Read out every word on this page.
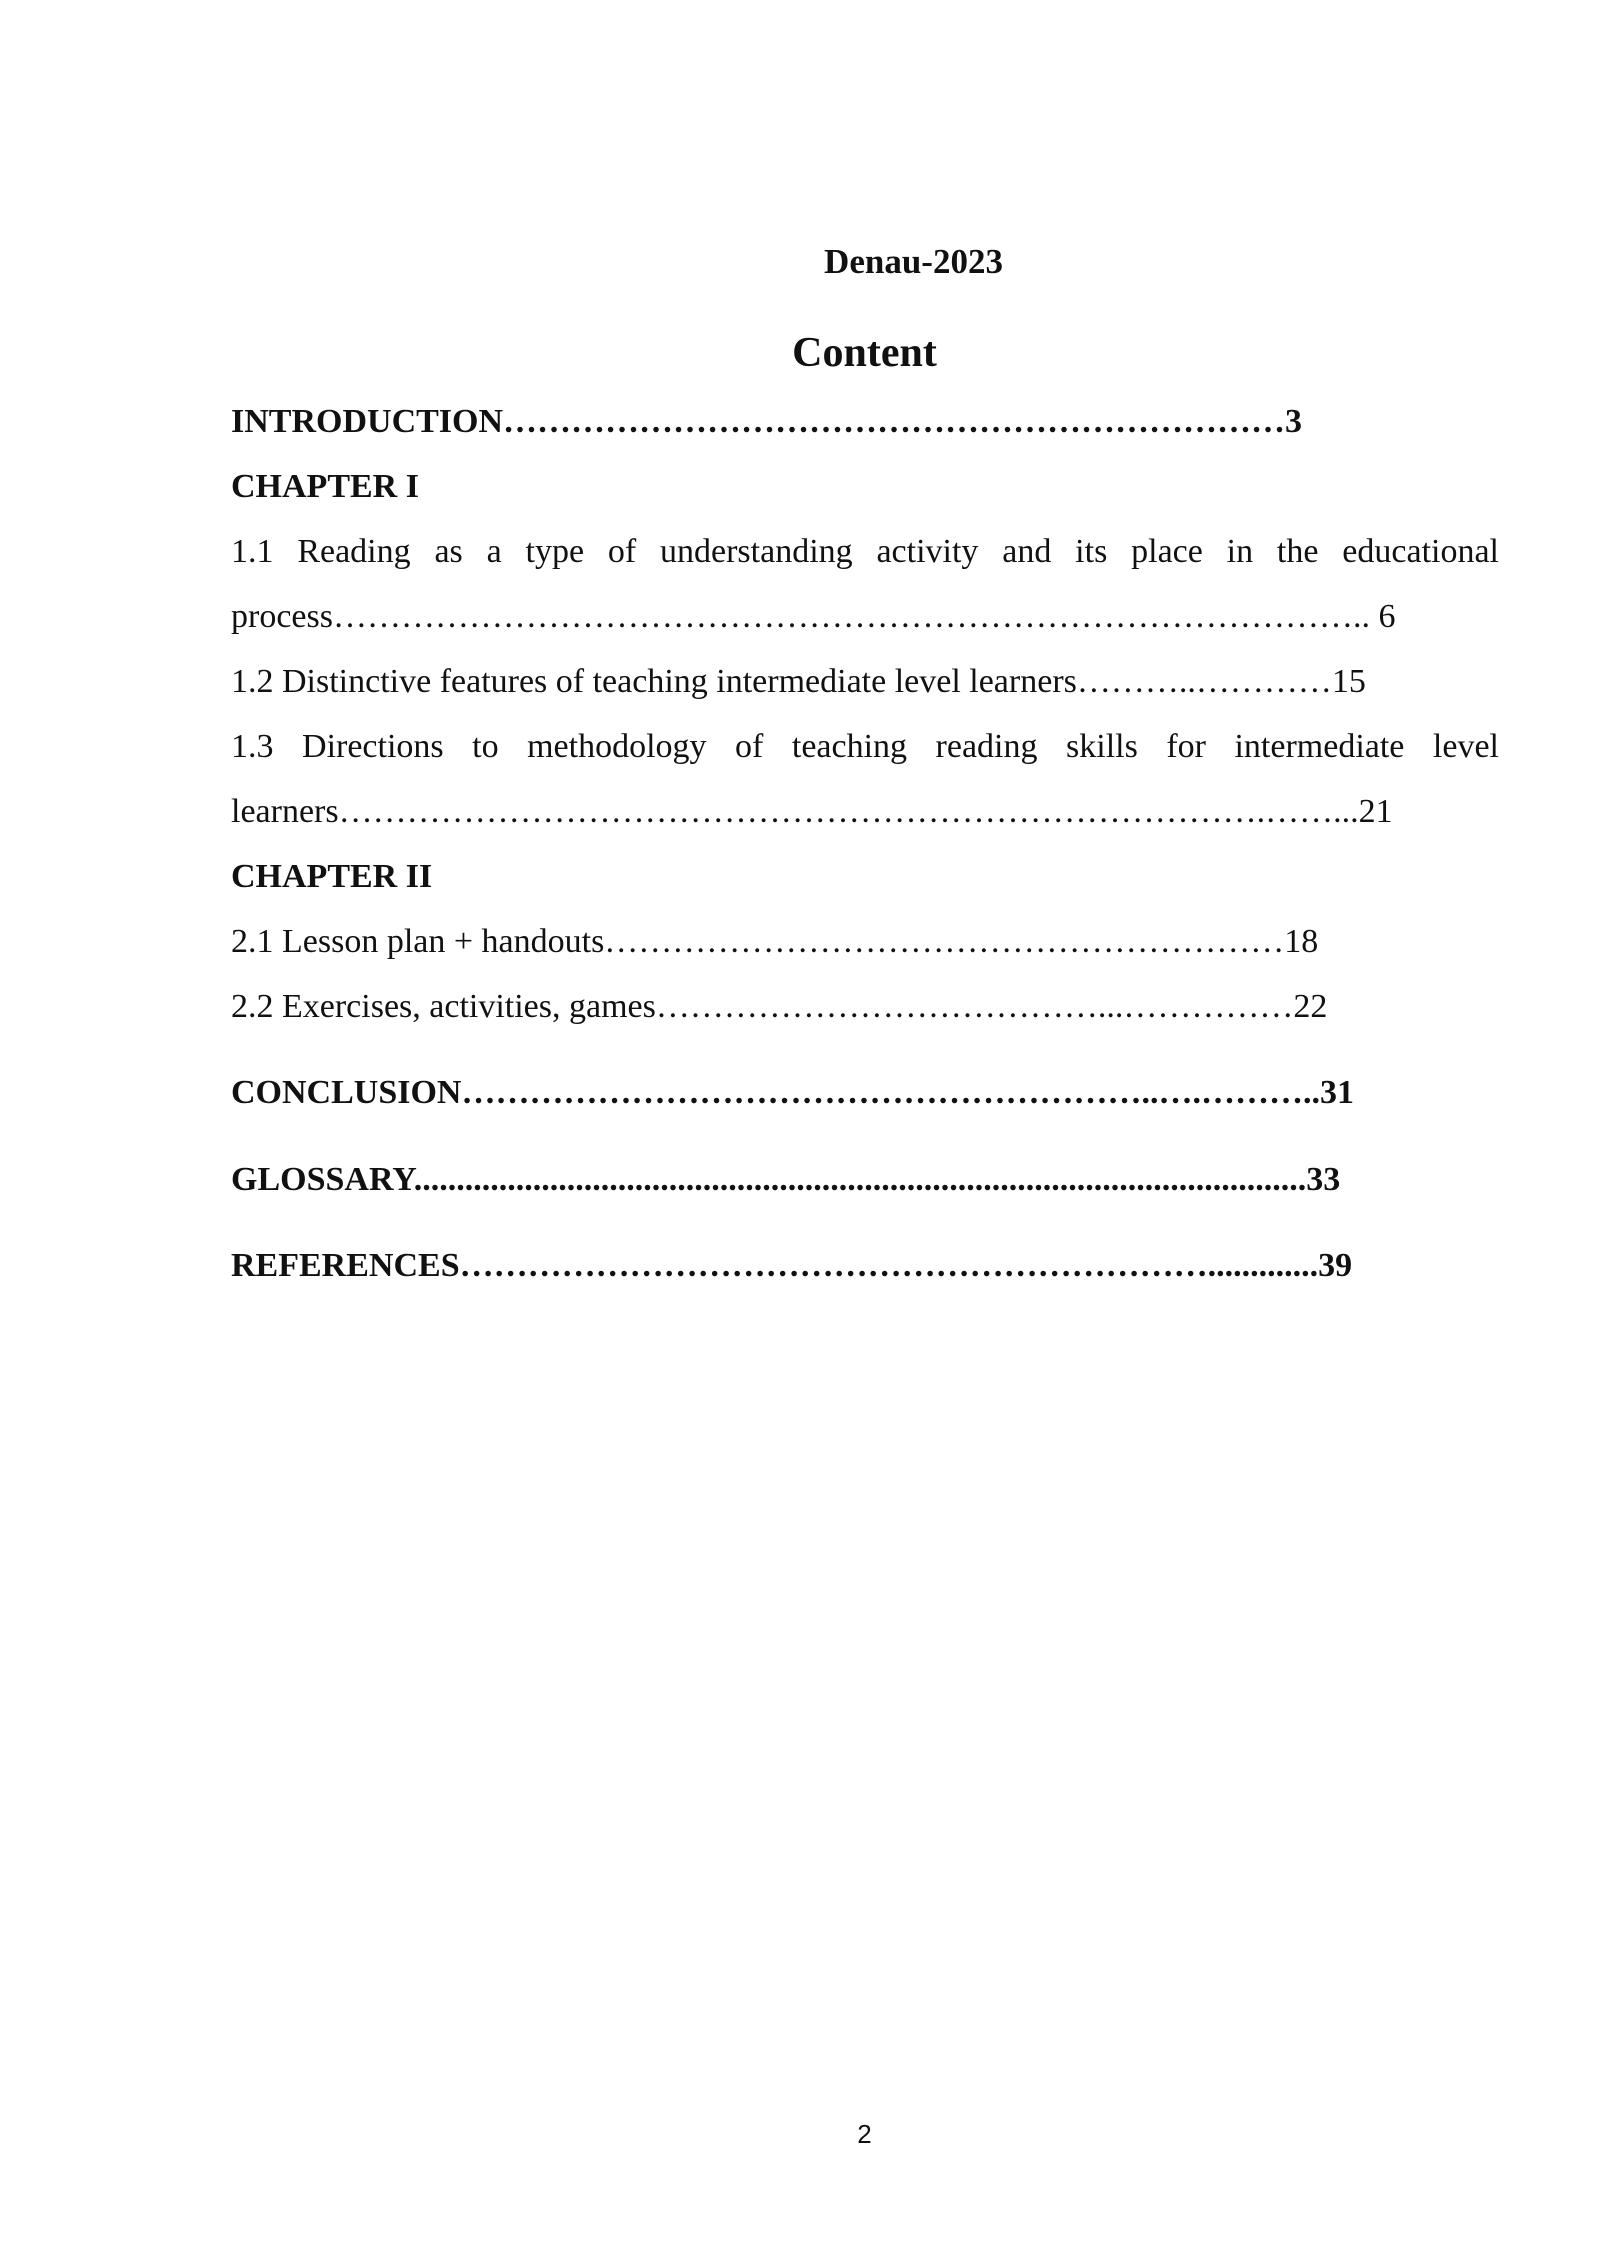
Denau-2023
Content
INTRODUCTION……………………………………………………………3
CHAPTER I
1.1 Reading as a type of understanding activity and its place in the educational
process……………………………………………………………………………….. 6
1.2 Distinctive features of teaching intermediate level learners………..…………15
1.3 Directions to methodology of teaching reading skills for intermediate level
learners……………………………………………………………………….……...21
CHAPTER II
2.1 Lesson plan + handouts……………………………………………………18
2.2 Exercises, activities, games…………………………………...……………22
CONCLUSION……………………………………………………..….………..31
GLOSSARY.........................................................................................................33
REFERENCES………………………………………………………….............39
2
